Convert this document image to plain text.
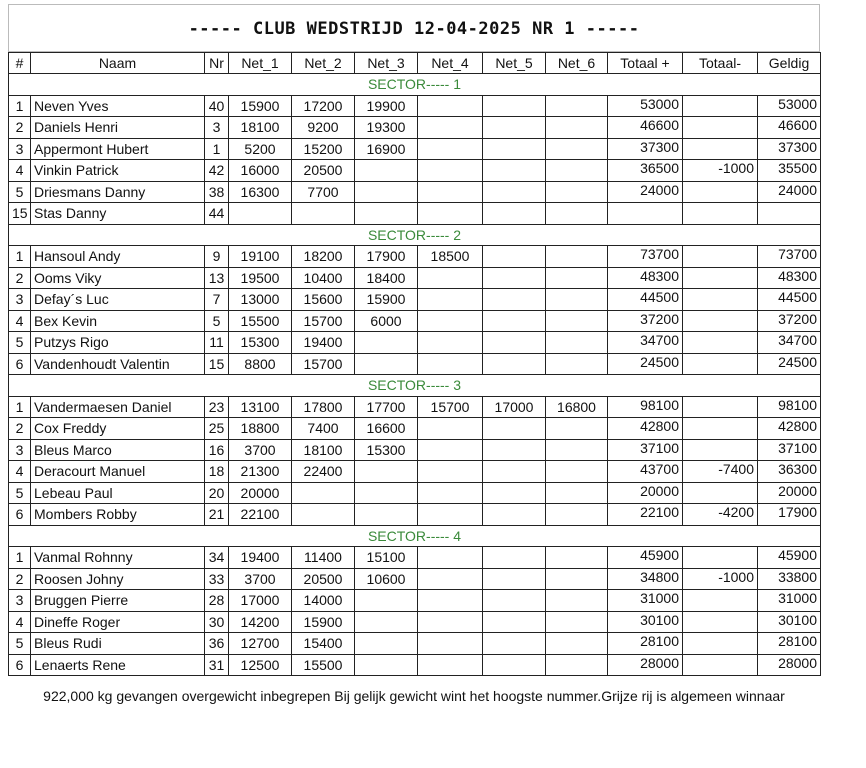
----- CLUB WEDSTRIJD 12-04-2025 NR 1 -----
#	Naam	Nr	Net_1	Net_2	Net_3	Net_4	Net_5	Net_6	Totaal +	Totaal-	Geldig
SECTOR----- 1											
1	Neven Yves	40	15900	17200	19900				53000		53000
2	Daniels Henri	3	18100	9200	19300				46600		46600
3	Appermont Hubert	1	5200	15200	16900				37300		37300
4	Vinkin Patrick	42	16000	20500					36500	-1000	35500
5	Driesmans Danny	38	16300	7700					24000		24000
15	Stas Danny	44									
SECTOR----- 2											
1	Hansoul Andy	9	19100	18200	17900	18500			73700		73700
2	Ooms Viky	13	19500	10400	18400				48300		48300
3	Defay´s Luc	7	13000	15600	15900				44500		44500
4	Bex Kevin	5	15500	15700	6000				37200		37200
5	Putzys Rigo	11	15300	19400					34700		34700
6	Vandenhoudt Valentin	15	8800	15700					24500		24500
SECTOR----- 3											
1	Vandermaesen Daniel	23	13100	17800	17700	15700	17000	16800	98100		98100
2	Cox Freddy	25	18800	7400	16600				42800		42800
3	Bleus Marco	16	3700	18100	15300				37100		37100
4	Deracourt Manuel	18	21300	22400					43700	-7400	36300
5	Lebeau Paul	20	20000						20000		20000
6	Mombers Robby	21	22100						22100	-4200	17900
SECTOR----- 4											
1	Vanmal Rohnny	34	19400	11400	15100				45900		45900
2	Roosen Johny	33	3700	20500	10600				34800	-1000	33800
3	Bruggen Pierre	28	17000	14000					31000		31000
4	Dineffe Roger	30	14200	15900					30100		30100
5	Bleus Rudi	36	12700	15400					28100		28100
6	Lenaerts Rene	31	12500	15500					28000		28000
922,000 kg gevangen overgewicht inbegrepen Bij gelijk gewicht wint het hoogste nummer.Grijze rij is algemeen winnaar
